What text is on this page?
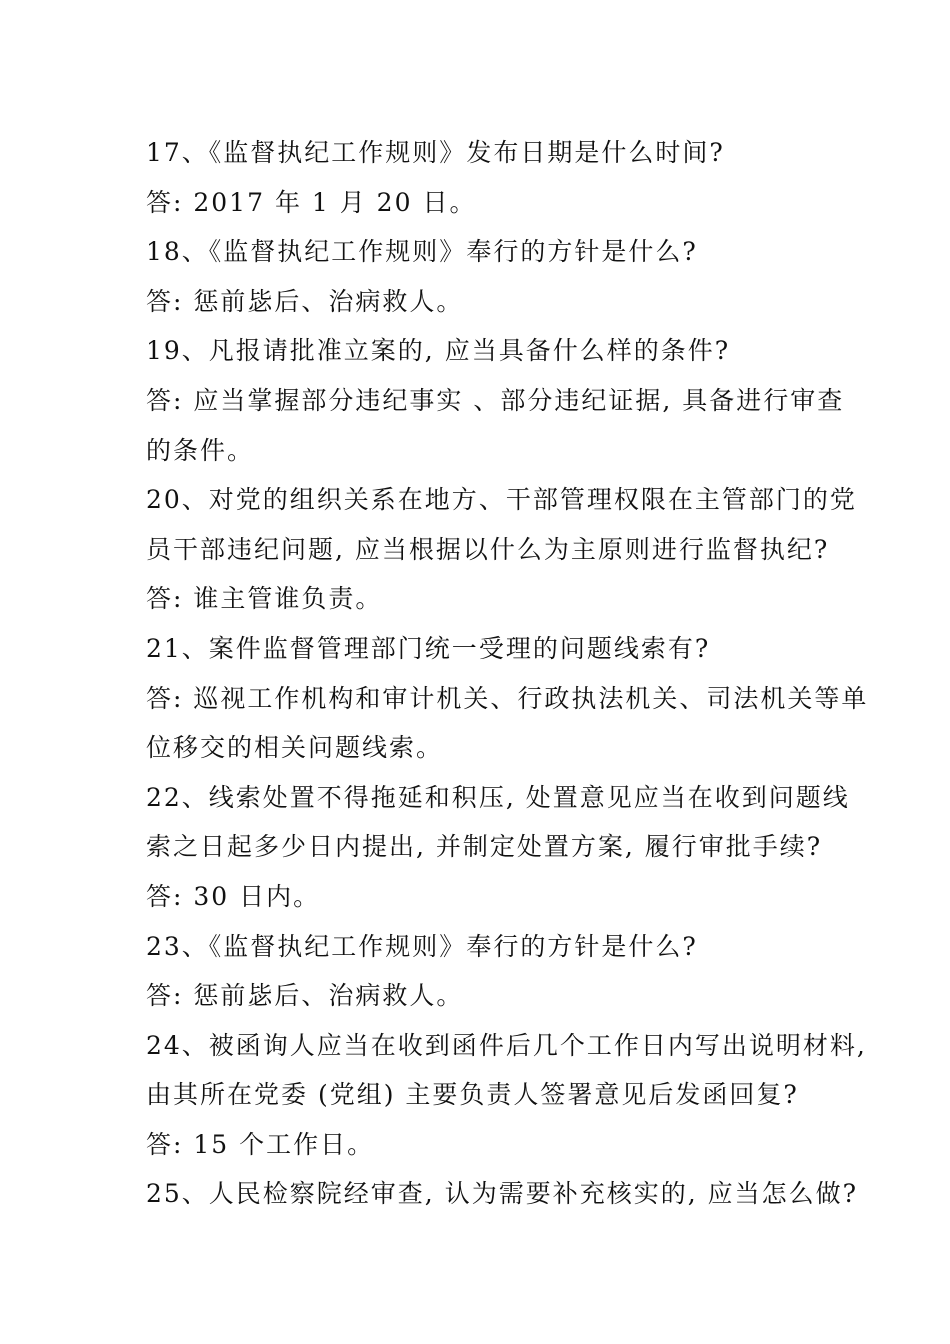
17、《监督执纪工作规则》发布日期是什么时间?
答: 2017 年 1 月 20 日。
18、《监督执纪工作规则》奉行的方针是什么?
答: 惩前毖后、治病救人。
19、凡报请批准立案的, 应当具备什么样的条件?
答: 应当掌握部分违纪事实 、部分违纪证据, 具备进行审查
的条件。
20、对党的组织关系在地方、干部管理权限在主管部门的党
员干部违纪问题, 应当根据以什么为主原则进行监督执纪?
答: 谁主管谁负责。
21、案件监督管理部门统一受理的问题线索有?
答: 巡视工作机构和审计机关、行政执法机关、司法机关等单
位移交的相关问题线索。
22、线索处置不得拖延和积压, 处置意见应当在收到问题线
索之日起多少日内提出, 并制定处置方案, 履行审批手续?
答: 30 日内。
23、《监督执纪工作规则》奉行的方针是什么?
答: 惩前毖后、治病救人。
24、被函询人应当在收到函件后几个工作日内写出说明材料,
由其所在党委 (党组) 主要负责人签署意见后发函回复?
答: 15 个工作日。
25、人民检察院经审查, 认为需要补充核实的, 应当怎么做?
